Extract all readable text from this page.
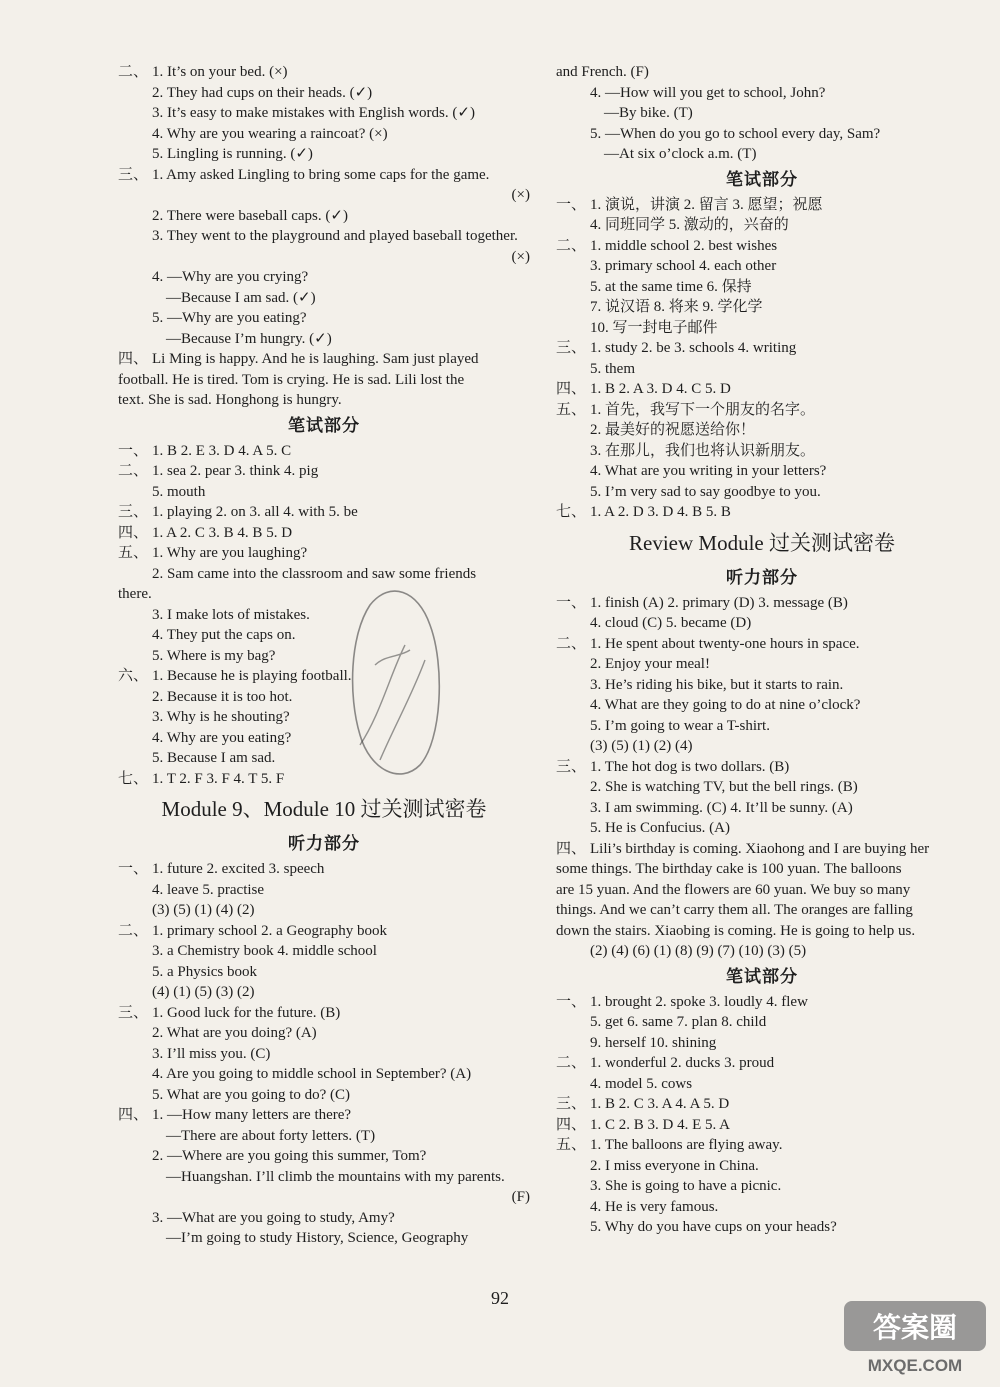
二、 1. It’s on your bed. (×)
2. They had cups on their heads. (✓)
3. It’s easy to make mistakes with English words. (✓)
4. Why are you wearing a raincoat? (×)
5. Lingling is running. (✓)
三、 1. Amy asked Lingling to bring some caps for the game.
(×)
2. There were baseball caps. (✓)
3. They went to the playground and played baseball together.
(×)
4. —Why are you crying?
—Because I am sad. (✓)
5. —Why are you eating?
—Because I’m hungry. (✓)
四、 Li Ming is happy. And he is laughing. Sam just played
football. He is tired. Tom is crying. He is sad. Lili lost the
text. She is sad. Honghong is hungry.
笔试部分
一、 1. B 2. E 3. D 4. A 5. C
二、 1. sea 2. pear 3. think 4. pig
5. mouth
三、 1. playing 2. on 3. all 4. with 5. be
四、 1. A 2. C 3. B 4. B 5. D
五、 1. Why are you laughing?
2. Sam came into the classroom and saw some friends
there.
3. I make lots of mistakes.
4. They put the caps on.
5. Where is my bag?
六、 1. Because he is playing football.
2. Because it is too hot.
3. Why is he shouting?
4. Why are you eating?
5. Because I am sad.
七、 1. T 2. F 3. F 4. T 5. F
Module 9、Module 10 过关测试密卷
听力部分
一、 1. future 2. excited 3. speech
4. leave 5. practise
(3) (5) (1) (4) (2)
二、 1. primary school 2. a Geography book
3. a Chemistry book 4. middle school
5. a Physics book
(4) (1) (5) (3) (2)
三、 1. Good luck for the future. (B)
2. What are you doing? (A)
3. I’ll miss you. (C)
4. Are you going to middle school in September? (A)
5. What are you going to do? (C)
四、 1. —How many letters are there?
—There are about forty letters. (T)
2. —Where are you going this summer, Tom?
—Huangshan. I’ll climb the mountains with my parents.
(F)
3. —What are you going to study, Amy?
—I’m going to study History, Science, Geography
and French. (F)
4. —How will you get to school, John?
—By bike. (T)
5. —When do you go to school every day, Sam?
—At six o’clock a.m. (T)
笔试部分
一、 1. 演说，讲演 2. 留言 3. 愿望；祝愿
4. 同班同学 5. 激动的，兴奋的
二、 1. middle school 2. best wishes
3. primary school 4. each other
5. at the same time 6. 保持
7. 说汉语 8. 将来 9. 学化学
10. 写一封电子邮件
三、 1. study 2. be 3. schools 4. writing
5. them
四、 1. B 2. A 3. D 4. C 5. D
五、 1. 首先，我写下一个朋友的名字。
2. 最美好的祝愿送给你！
3. 在那儿，我们也将认识新朋友。
4. What are you writing in your letters?
5. I’m very sad to say goodbye to you.
七、 1. A 2. D 3. D 4. B 5. B
Review Module 过关测试密卷
听力部分
一、 1. finish (A) 2. primary (D) 3. message (B)
4. cloud (C) 5. became (D)
二、 1. He spent about twenty-one hours in space.
2. Enjoy your meal!
3. He’s riding his bike, but it starts to rain.
4. What are they going to do at nine o’clock?
5. I’m going to wear a T-shirt.
(3) (5) (1) (2) (4)
三、 1. The hot dog is two dollars. (B)
2. She is watching TV, but the bell rings. (B)
3. I am swimming. (C) 4. It’ll be sunny. (A)
5. He is Confucius. (A)
四、 Lili’s birthday is coming. Xiaohong and I are buying her
some things. The birthday cake is 100 yuan. The balloons
are 15 yuan. And the flowers are 60 yuan. We buy so many
things. And we can’t carry them all. The oranges are falling
down the stairs. Xiaobing is coming. He is going to help us.
(2) (4) (6) (1) (8) (9) (7) (10) (3) (5)
笔试部分
一、 1. brought 2. spoke 3. loudly 4. flew
5. get 6. same 7. plan 8. child
9. herself 10. shining
二、 1. wonderful 2. ducks 3. proud
4. model 5. cows
三、 1. B 2. C 3. A 4. A 5. D
四、 1. C 2. B 3. D 4. E 5. A
五、 1. The balloons are flying away.
2. I miss everyone in China.
3. She is going to have a picnic.
4. He is very famous.
5. Why do you have cups on your heads?
92
答案圈
MXQE.COM
